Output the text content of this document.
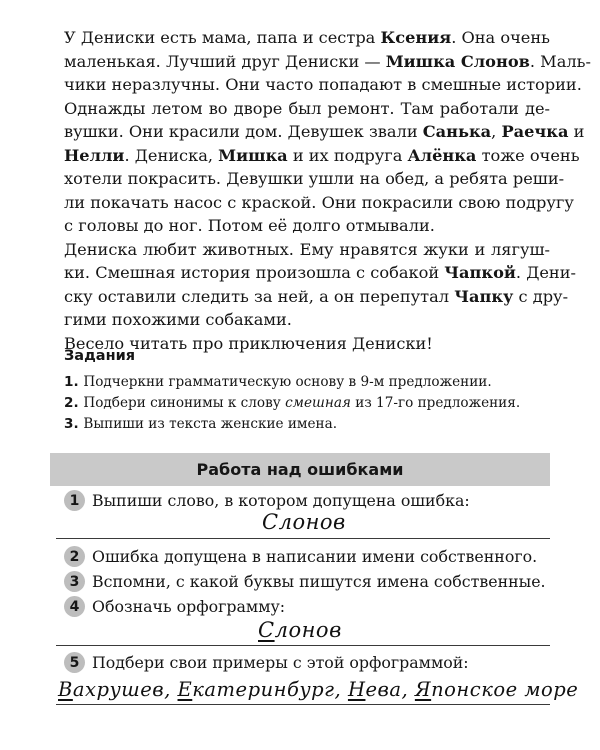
У Дениски есть мама, папа и сестра Ксения. Она очень
маленькая. Лучший друг Дениски — Мишка Слонов. Маль-
чики неразлучны. Они часто попадают в смешные истории.

Однажды летом во дворе был ремонт. Там работали де-
вушки. Они красили дом. Девушек звали Санька, Раечка и
Нелли. Дениска, Мишка и их подруга Алёнка тоже очень
хотели покрасить. Девушки ушли на обед, а ребята реши-
ли покачать насос с краской. Они покрасили свою подругу
с головы до ног. Потом её долго отмывали.

Дениска любит животных. Ему нравятся жуки и лягуш-
ки. Смешная история произошла с собакой Чапкой. Дени-
ску оставили следить за ней, а он перепутал Чапку с дру-
гими похожими собаками.

Весело читать про приключения Дениски!

Задания
1. Подчеркни грамматическую основу в 9-м предложении.
2. Подбери синонимы к слову смешная из 17-го предложения.
3. Выпиши из текста женские имена.
Работа над ошибками
1 Выпиши слово, в котором допущена ошибка:
Слонов
2 Ошибка допущена в написании имени собственного.
3 Вспомни, с какой буквы пишутся имена собственные.
4 Обозначь орфограмму:
Слонов
5 Подбери свои примеры с этой орфограммой:
Вахрушев, Екатеринбург, Нева, Японское море
